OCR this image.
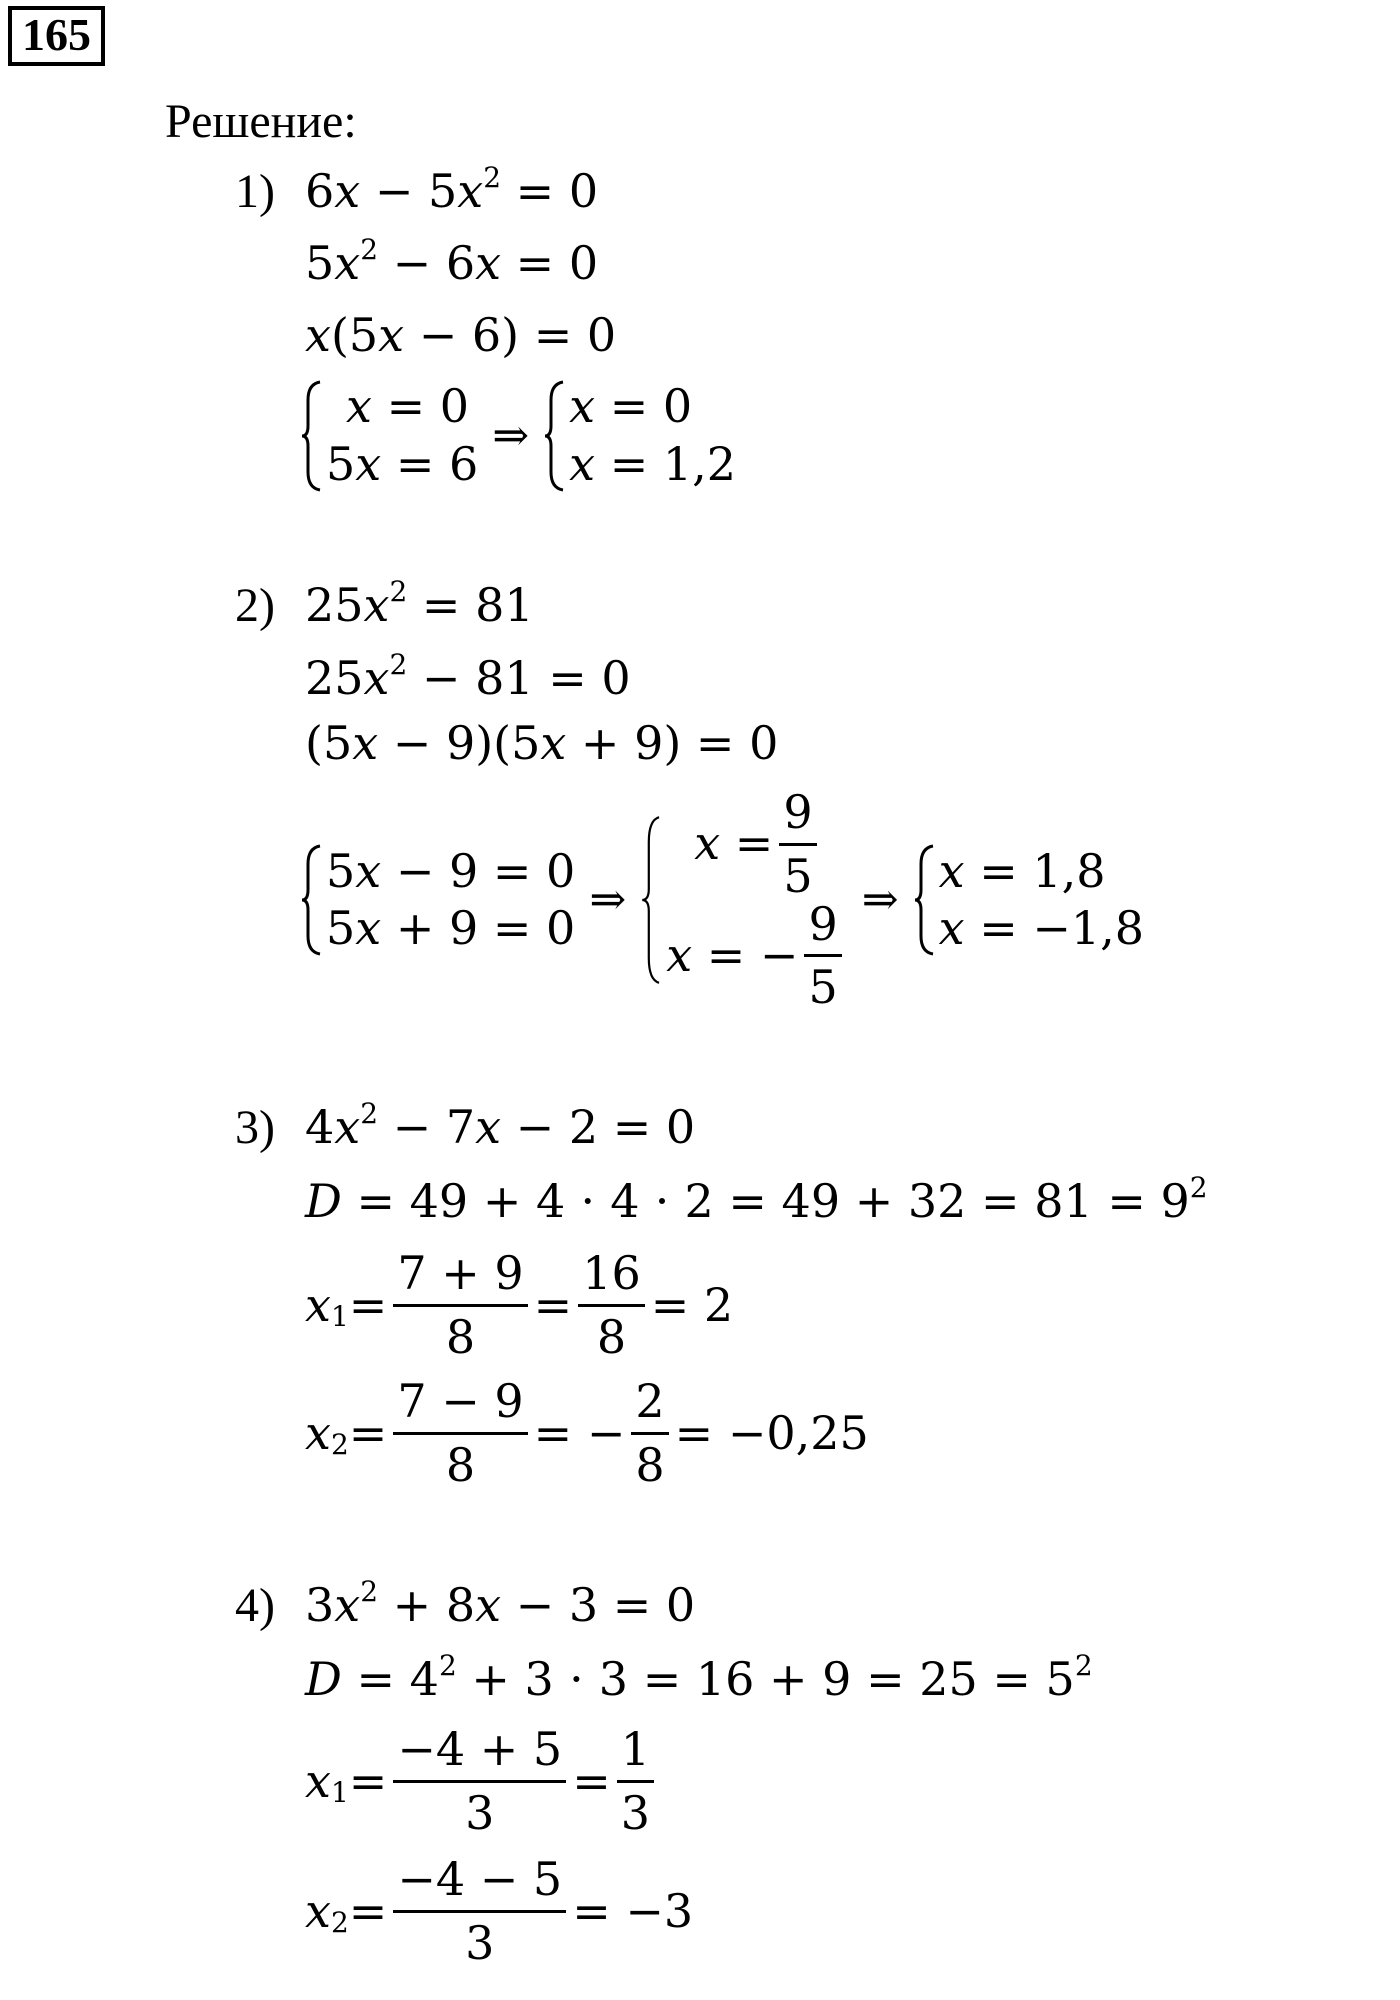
165
Решение:
1) 6𝑥 − 5𝑥$^2$ = 0
5𝑥$^2$ − 6𝑥 = 0
𝑥(5𝑥 − 6) = 0
𝑥 = 0
5𝑥 = 6
⇒
𝑥 = 0
𝑥 = 1,2
2) 25𝑥$^2$ = 81
25𝑥$^2$ − 81 = 0
(5𝑥 − 9)(5𝑥 + 9) = 0
5𝑥 − 9 = 0
5𝑥 + 9 = 0
⇒
𝑥 = $\frac{9}{5}$
𝑥 = − $\frac{9}{5}$
⇒
𝑥 = 1,8
𝑥 = −1,8
3) 4𝑥$^2$ − 7𝑥 − 2 = 0
𝐷 = $49 + 4 \cdot 4 \cdot 2 = 49 + 32 = 81 = 9^2$
𝑥$_1$ = $\frac{7 + 9}{8} = \frac{16}{8} = 2$
𝑥$_2$ = $\frac{7 - 9}{8}$ = − $\frac{2}{8} = -0,25$
4) 3𝑥$^2$ + 8𝑥 − 3 = 0
𝐷 = $4^2 + 3 \cdot 3 = 16 + 9 = 25 = 5^2$
𝑥$_1$ = $\frac{-4 + 5}{3} = \frac{1}{3}$
𝑥$_2$ = $\frac{-4 - 5}{3} = -3$
